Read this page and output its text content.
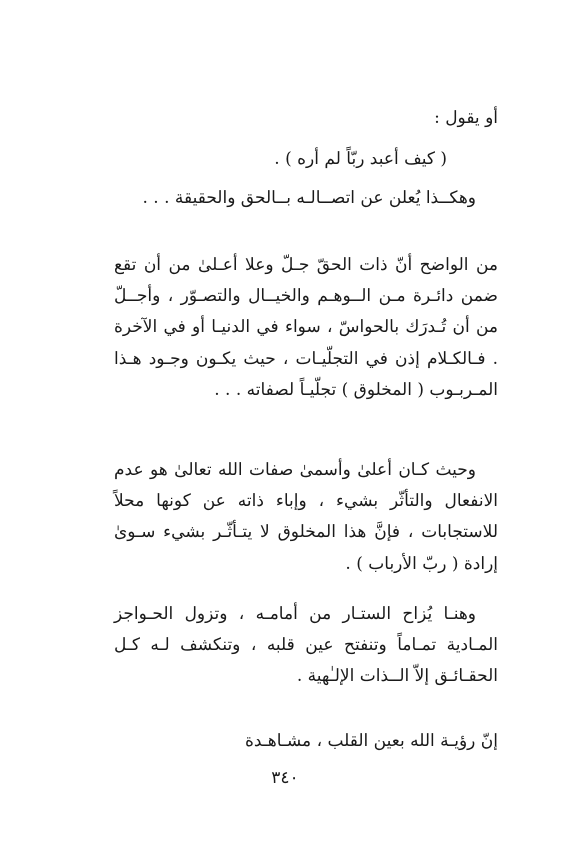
أو يقول :
( كيف أعبد ربّاً لم أره ) .
وهكــذا يُعلن عن اتصــالـه بــالحق والحقيقة . . .
من الواضح أنّ ذات الحقّ جـلّ وعلا أعـلىٰ من أن تقع ضمن دائـرة مـن الــوهـم والخيــال والتصـوّر ، وأجــلّ من أن تُـدرَك بالحواسّ ، سواء في الدنيـا أو في الآخرة . فـالكـلام إذن في التجلّيـات ، حيث يكـون وجـود هـذا المـربـوب ( المخلوق ) تجلّيـاً لصفاته . . .
وحيث كـان أعلىٰ وأسمىٰ صفات الله تعالىٰ هو عدم الانفعال والتأثّر بشيء ، وإباء ذاته عن كونها محلاً للاستجابات ، فإنَّ هذا المخلوق لا يتـأثّـر بشيء سـوىٰ إرادة ( ربّ الأرباب ) .
وهنـا يُزاح الستـار من أمامـه ، وتزول الحـواجز المـادية تمـاماً وتنفتح عين قلبه ، وتنكشف لـه كـل الحقـائـق إلاّ الــذات الإلـٰهية .
إنّ رؤيـة الله بعين القلب ، مشـاهـدة
٣٤٠
